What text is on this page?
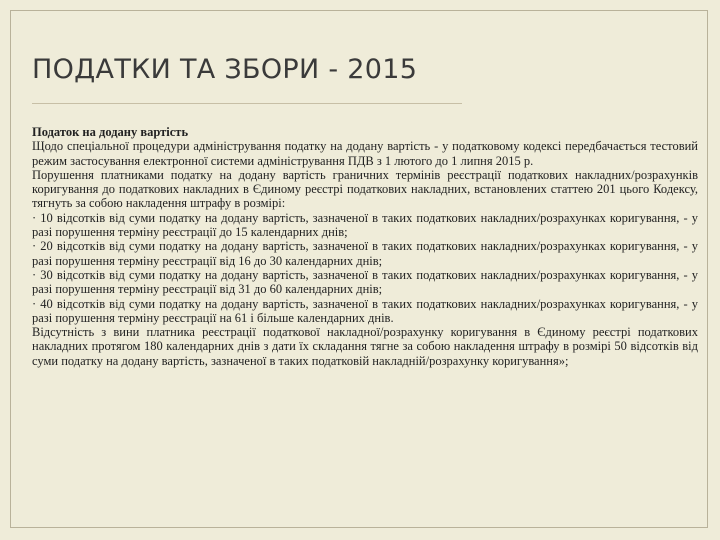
ПОДАТКИ ТА ЗБОРИ - 2015

Податок на додану вартість

Щодо спеціальної процедури адміністрування податку на додану вартість - у податковому кодексі передбачається тестовий режим застосування електронної системи адміністрування ПДВ з 1 лютого до 1 липня 2015 р.

Порушення платниками податку на додану вартість граничних термінів реєстрації податкових накладних/розрахунків коригування до податкових накладних в Єдиному реєстрі податкових накладних, встановлених статтею 201 цього Кодексу, тягнуть за собою накладення штрафу в розмірі:

· 10 відсотків від суми податку на додану вартість, зазначеної в таких податкових накладних/розрахунках коригування, - у разі порушення терміну реєстрації до 15 календарних днів;

· 20 відсотків від суми податку на додану вартість, зазначеної в таких податкових накладних/розрахунках коригування, - у разі порушення терміну реєстрації від 16 до 30 календарних днів;

· 30 відсотків від суми податку на додану вартість, зазначеної в таких податкових накладних/розрахунках коригування, - у разі порушення терміну реєстрації від 31 до 60 календарних днів;

· 40 відсотків від суми податку на додану вартість, зазначеної в таких податкових накладних/розрахунках коригування, - у разі порушення терміну реєстрації на 61 і більше календарних днів.

Відсутність з вини платника реєстрації податкової накладної/розрахунку коригування в Єдиному реєстрі податкових накладних протягом 180 календарних днів з дати їх складання тягне за собою накладення штрафу в розмірі 50 відсотків від суми податку на додану вартість, зазначеної в таких податковій накладній/розрахунку коригування»;
